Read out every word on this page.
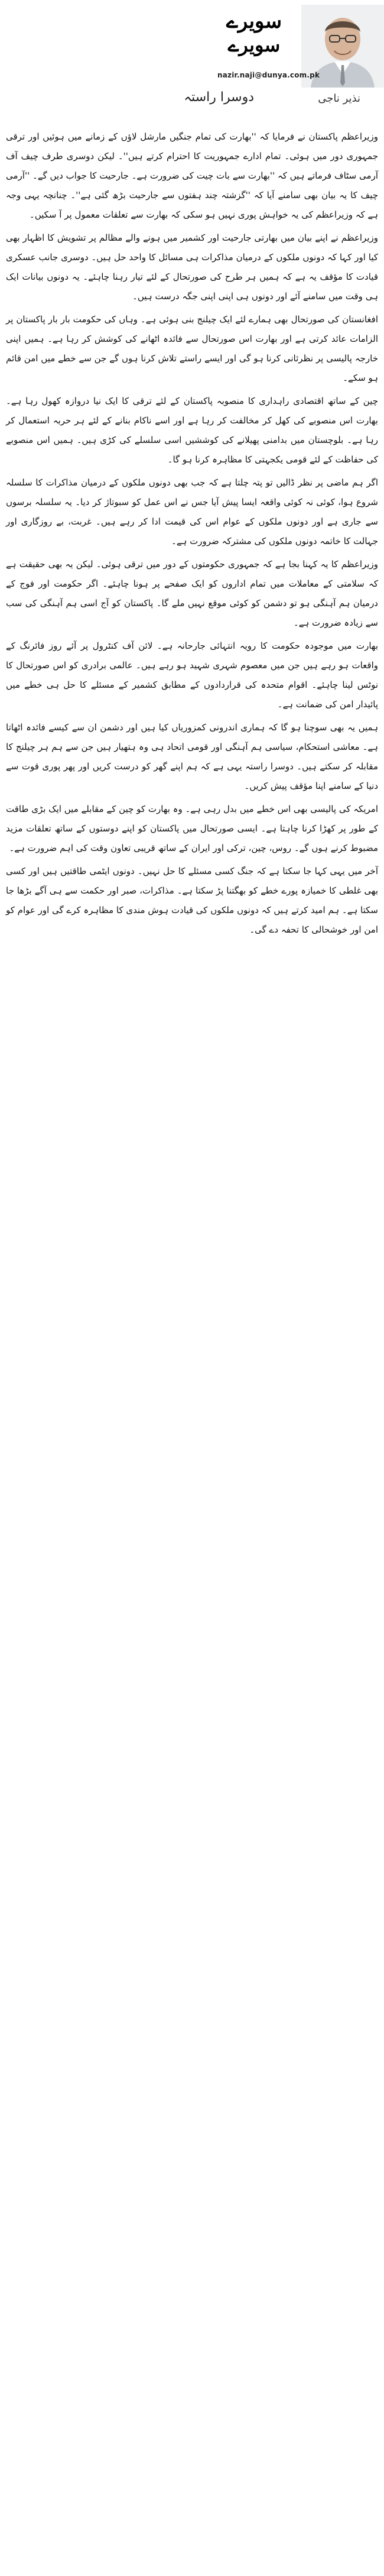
سویرے
سویرے
nazir.naji@dunya.com.pk
نذیر ناجی
دوسرا راستہ

وزیراعظم پاکستان نے فرمایا کہ ''بھارت کی تمام جنگیں مارشل لاؤں کے زمانے میں ہوئیں اور ترقی جمہوری دور میں ہوئی۔ تمام ادارے جمہوریت کا احترام کرتے ہیں''۔ لیکن دوسری طرف چیف آف آرمی سٹاف فرماتے ہیں کہ ''بھارت سے بات چیت کی ضرورت ہے۔ جارحیت کا جواب دیں گے۔ ''آرمی چیف کا یہ بیان بھی سامنے آیا کہ ''گزشتہ چند ہفتوں سے جارحیت بڑھ گئی ہے''۔ چنانچہ یہی وجہ ہے کہ وزیراعظم کی یہ خواہش پوری نہیں ہو سکی کہ بھارت سے تعلقات معمول پر آ سکیں۔

وزیراعظم نے اپنے بیان میں بھارتی جارحیت اور کشمیر میں ہونے والے مظالم پر تشویش کا اظہار بھی کیا اور کہا کہ دونوں ملکوں کے درمیان مذاکرات ہی مسائل کا واحد حل ہیں۔ دوسری جانب عسکری قیادت کا مؤقف یہ ہے کہ ہمیں ہر طرح کی صورتحال کے لئے تیار رہنا چاہئے۔ یہ دونوں بیانات ایک ہی وقت میں سامنے آئے اور دونوں ہی اپنی اپنی جگہ درست ہیں۔

افغانستان کی صورتحال بھی ہمارے لئے ایک چیلنج بنی ہوئی ہے۔ وہاں کی حکومت بار بار پاکستان پر الزامات عائد کرتی ہے اور بھارت اس صورتحال سے فائدہ اٹھانے کی کوشش کر رہا ہے۔ ہمیں اپنی خارجہ پالیسی پر نظرثانی کرنا ہو گی اور ایسے راستے تلاش کرنا ہوں گے جن سے خطے میں امن قائم ہو سکے۔

چین کے ساتھ اقتصادی راہداری کا منصوبہ پاکستان کے لئے ترقی کا ایک نیا دروازہ کھول رہا ہے۔ بھارت اس منصوبے کی کھل کر مخالفت کر رہا ہے اور اسے ناکام بنانے کے لئے ہر حربہ استعمال کر رہا ہے۔ بلوچستان میں بدامنی پھیلانے کی کوششیں اسی سلسلے کی کڑی ہیں۔ ہمیں اس منصوبے کی حفاظت کے لئے قومی یکجہتی کا مظاہرہ کرنا ہو گا۔

اگر ہم ماضی پر نظر ڈالیں تو پتہ چلتا ہے کہ جب بھی دونوں ملکوں کے درمیان مذاکرات کا سلسلہ شروع ہوا، کوئی نہ کوئی واقعہ ایسا پیش آیا جس نے اس عمل کو سبوتاژ کر دیا۔ یہ سلسلہ برسوں سے جاری ہے اور دونوں ملکوں کے عوام اس کی قیمت ادا کر رہے ہیں۔ غربت، بے روزگاری اور جہالت کا خاتمہ دونوں ملکوں کی مشترکہ ضرورت ہے۔

وزیراعظم کا یہ کہنا بجا ہے کہ جمہوری حکومتوں کے دور میں ترقی ہوئی۔ لیکن یہ بھی حقیقت ہے کہ سلامتی کے معاملات میں تمام اداروں کو ایک صفحے پر ہونا چاہئے۔ اگر حکومت اور فوج کے درمیان ہم آہنگی ہو تو دشمن کو کوئی موقع نہیں ملے گا۔ پاکستان کو آج اسی ہم آہنگی کی سب سے زیادہ ضرورت ہے۔

بھارت میں موجودہ حکومت کا رویہ انتہائی جارحانہ ہے۔ لائن آف کنٹرول پر آئے روز فائرنگ کے واقعات ہو رہے ہیں جن میں معصوم شہری شہید ہو رہے ہیں۔ عالمی برادری کو اس صورتحال کا نوٹس لینا چاہئے۔ اقوام متحدہ کی قراردادوں کے مطابق کشمیر کے مسئلے کا حل ہی خطے میں پائیدار امن کی ضمانت ہے۔

ہمیں یہ بھی سوچنا ہو گا کہ ہماری اندرونی کمزوریاں کیا ہیں اور دشمن ان سے کیسے فائدہ اٹھاتا ہے۔ معاشی استحکام، سیاسی ہم آہنگی اور قومی اتحاد ہی وہ ہتھیار ہیں جن سے ہم ہر چیلنج کا مقابلہ کر سکتے ہیں۔ دوسرا راستہ یہی ہے کہ ہم اپنے گھر کو درست کریں اور پھر پوری قوت سے دنیا کے سامنے اپنا مؤقف پیش کریں۔

امریکہ کی پالیسی بھی اس خطے میں بدل رہی ہے۔ وہ بھارت کو چین کے مقابلے میں ایک بڑی طاقت کے طور پر کھڑا کرنا چاہتا ہے۔ ایسی صورتحال میں پاکستان کو اپنے دوستوں کے ساتھ تعلقات مزید مضبوط کرنے ہوں گے۔ روس، چین، ترکی اور ایران کے ساتھ قریبی تعاون وقت کی اہم ضرورت ہے۔

آخر میں یہی کہا جا سکتا ہے کہ جنگ کسی مسئلے کا حل نہیں۔ دونوں ایٹمی طاقتیں ہیں اور کسی بھی غلطی کا خمیازہ پورے خطے کو بھگتنا پڑ سکتا ہے۔ مذاکرات، صبر اور حکمت سے ہی آگے بڑھا جا سکتا ہے۔ ہم امید کرتے ہیں کہ دونوں ملکوں کی قیادت ہوش مندی کا مظاہرہ کرے گی اور عوام کو امن اور خوشحالی کا تحفہ دے گی۔
